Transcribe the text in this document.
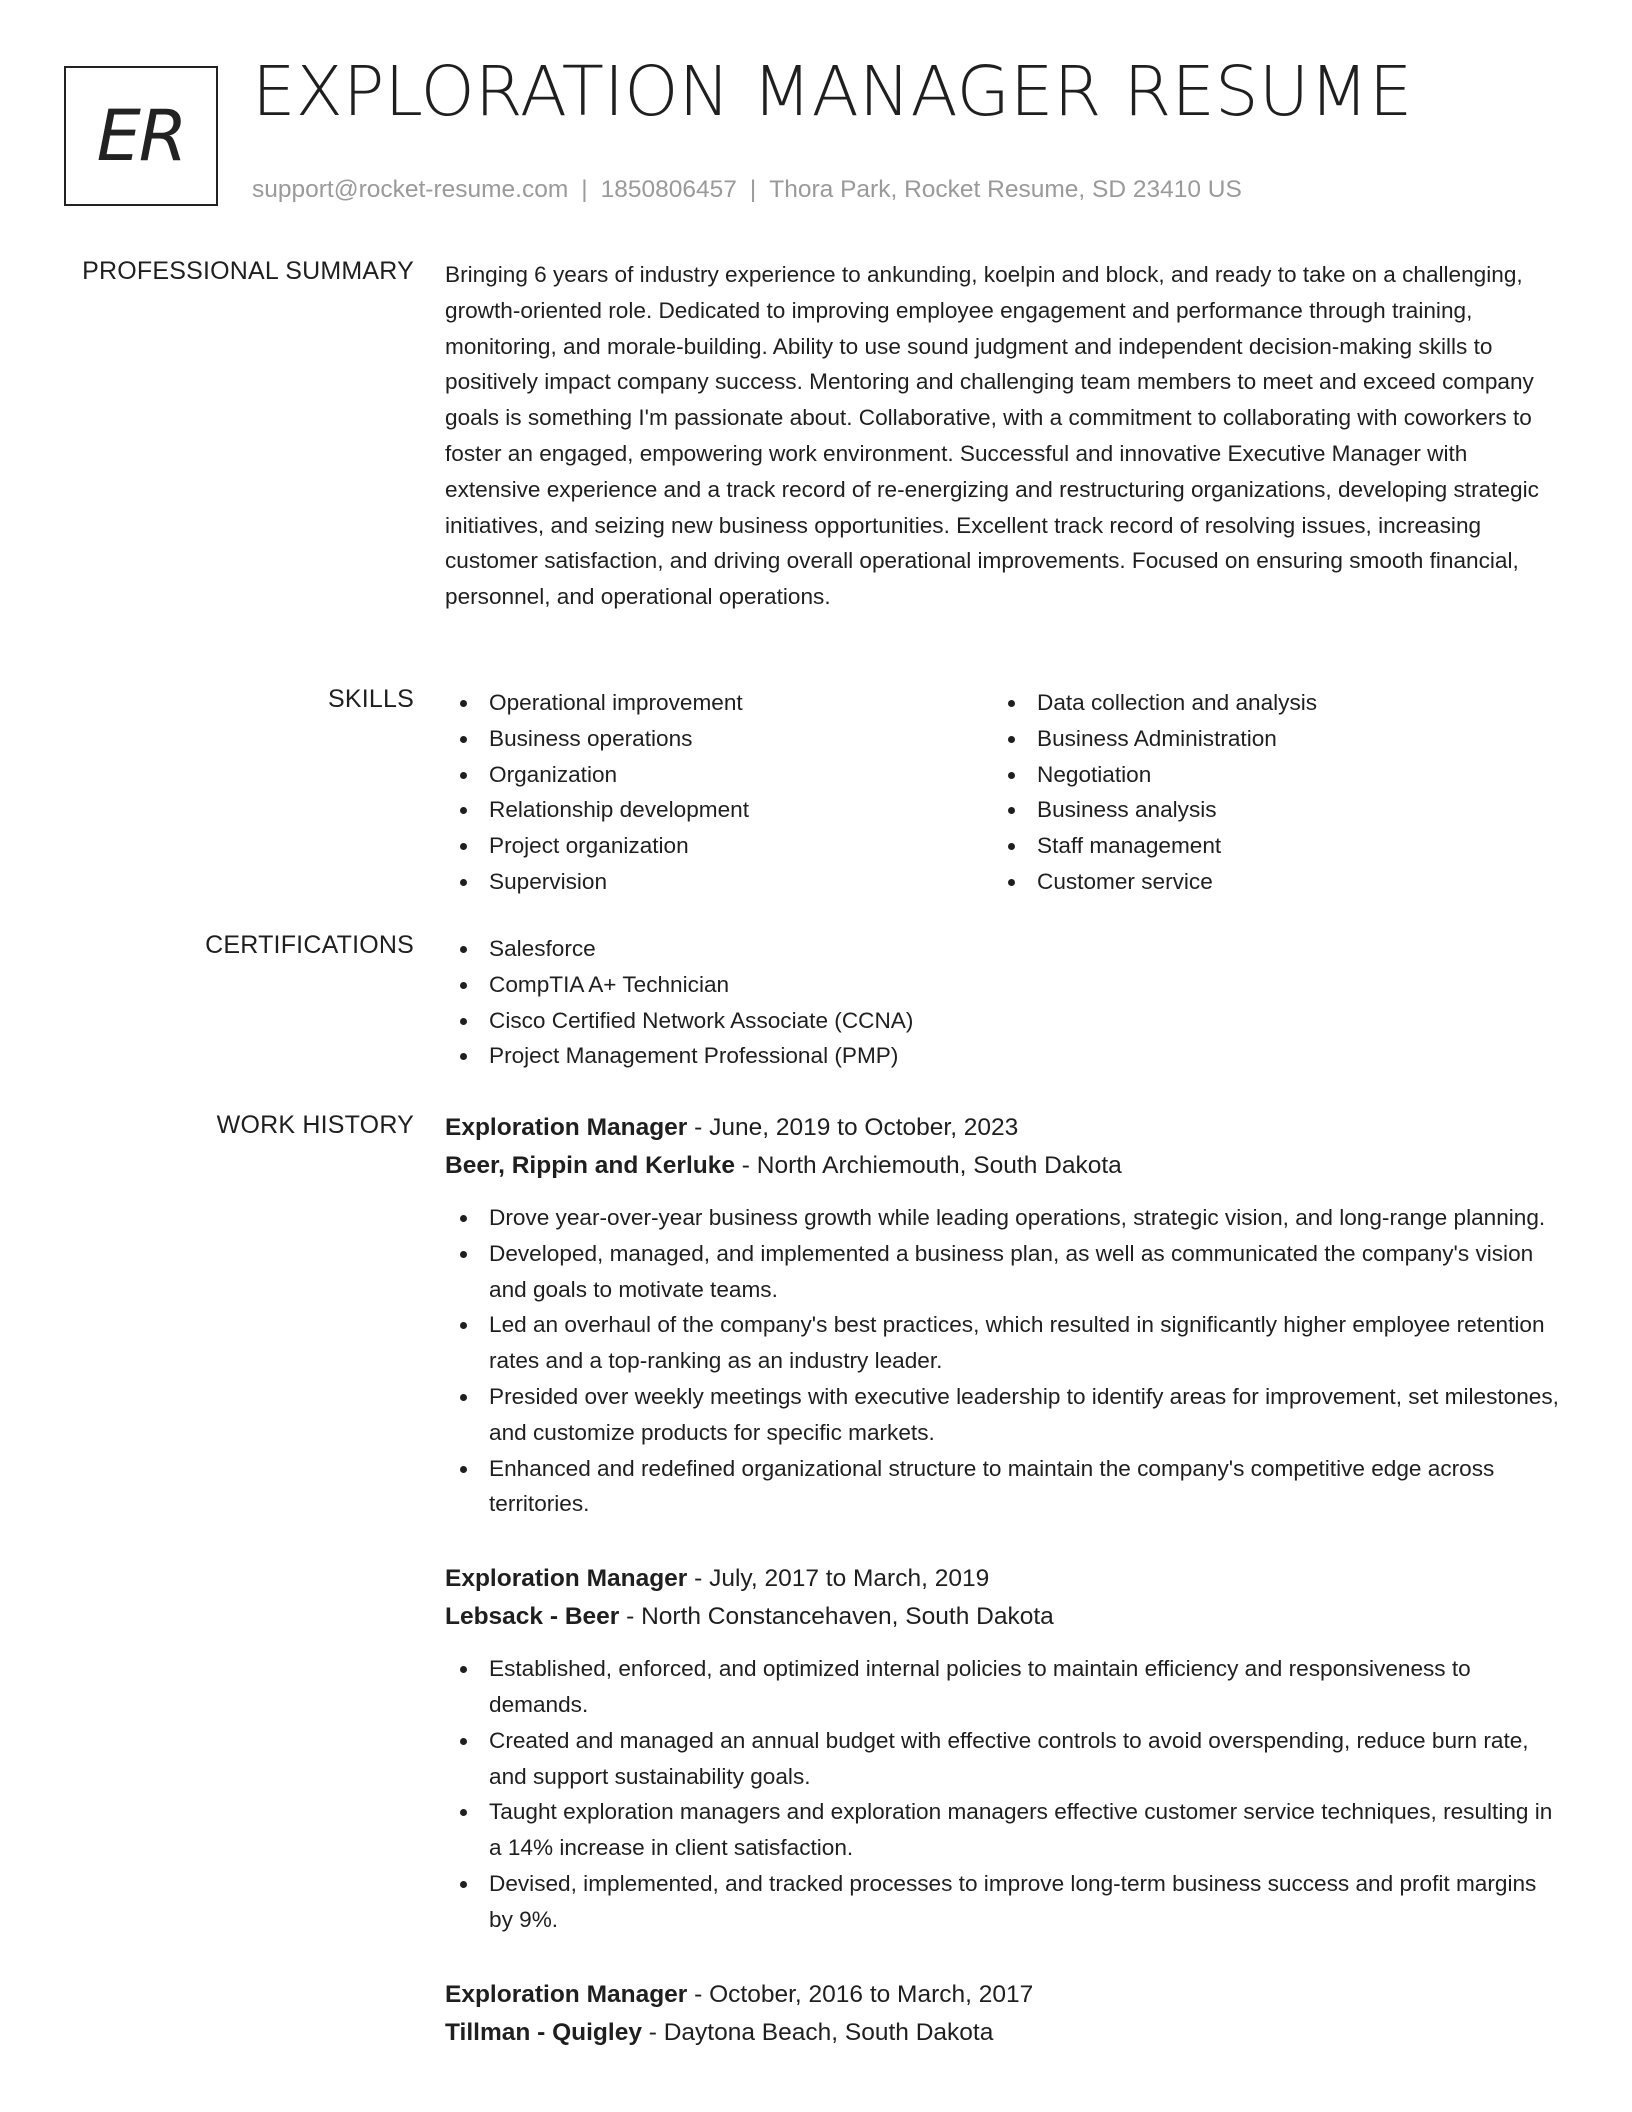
ER
EXPLORATION MANAGER RESUME
support@rocket-resume.com | 1850806457 | Thora Park, Rocket Resume, SD 23410 US
PROFESSIONAL SUMMARY Bringing 6 years of industry experience to ankunding, koelpin and block, and ready to take on a challenging, growth-oriented role. Dedicated to improving employee engagement and performance through training, monitoring, and morale-building. Ability to use sound judgment and independent decision-making skills to positively impact company success. Mentoring and challenging team members to meet and exceed company goals is something I'm passionate about. Collaborative, with a commitment to collaborating with coworkers to foster an engaged, empowering work environment. Successful and innovative Executive Manager with extensive experience and a track record of re-energizing and restructuring organizations, developing strategic initiatives, and seizing new business opportunities. Excellent track record of resolving issues, increasing customer satisfaction, and driving overall operational improvements. Focused on ensuring smooth financial, personnel, and operational operations.

SKILLS	Operational improvement
Business operations
Organization
Relationship development
Project organization
Supervision
Data collection and analysis
Business Administration
Negotiation
Business analysis
Staff management
Customer service
CERTIFICATIONS	Salesforce
CompTIA A+ Technician
Cisco Certified Network Associate (CCNA)
Project Management Professional (PMP)
WORK HISTORY Exploration Manager - June, 2019 to October, 2023
Beer, Rippin and Kerluke - North Archiemouth, South Dakota
Drove year-over-year business growth while leading operations, strategic vision, and long-range planning.
Developed, managed, and implemented a business plan, as well as communicated the company's vision and goals to motivate teams.
Led an overhaul of the company's best practices, which resulted in significantly higher employee retention rates and a top-ranking as an industry leader.
Presided over weekly meetings with executive leadership to identify areas for improvement, set milestones, and customize products for specific markets.
Enhanced and redefined organizational structure to maintain the company's competitive edge across territories.
Exploration Manager - July, 2017 to March, 2019
Lebsack - Beer - North Constancehaven, South Dakota
Established, enforced, and optimized internal policies to maintain efficiency and responsiveness to demands.
Created and managed an annual budget with effective controls to avoid overspending, reduce burn rate, and support sustainability goals.
Taught exploration managers and exploration managers effective customer service techniques, resulting in a 14% increase in client satisfaction.
Devised, implemented, and tracked processes to improve long-term business success and profit margins by 9%.
Exploration Manager - October, 2016 to March, 2017
Tillman - Quigley - Daytona Beach, South Dakota
